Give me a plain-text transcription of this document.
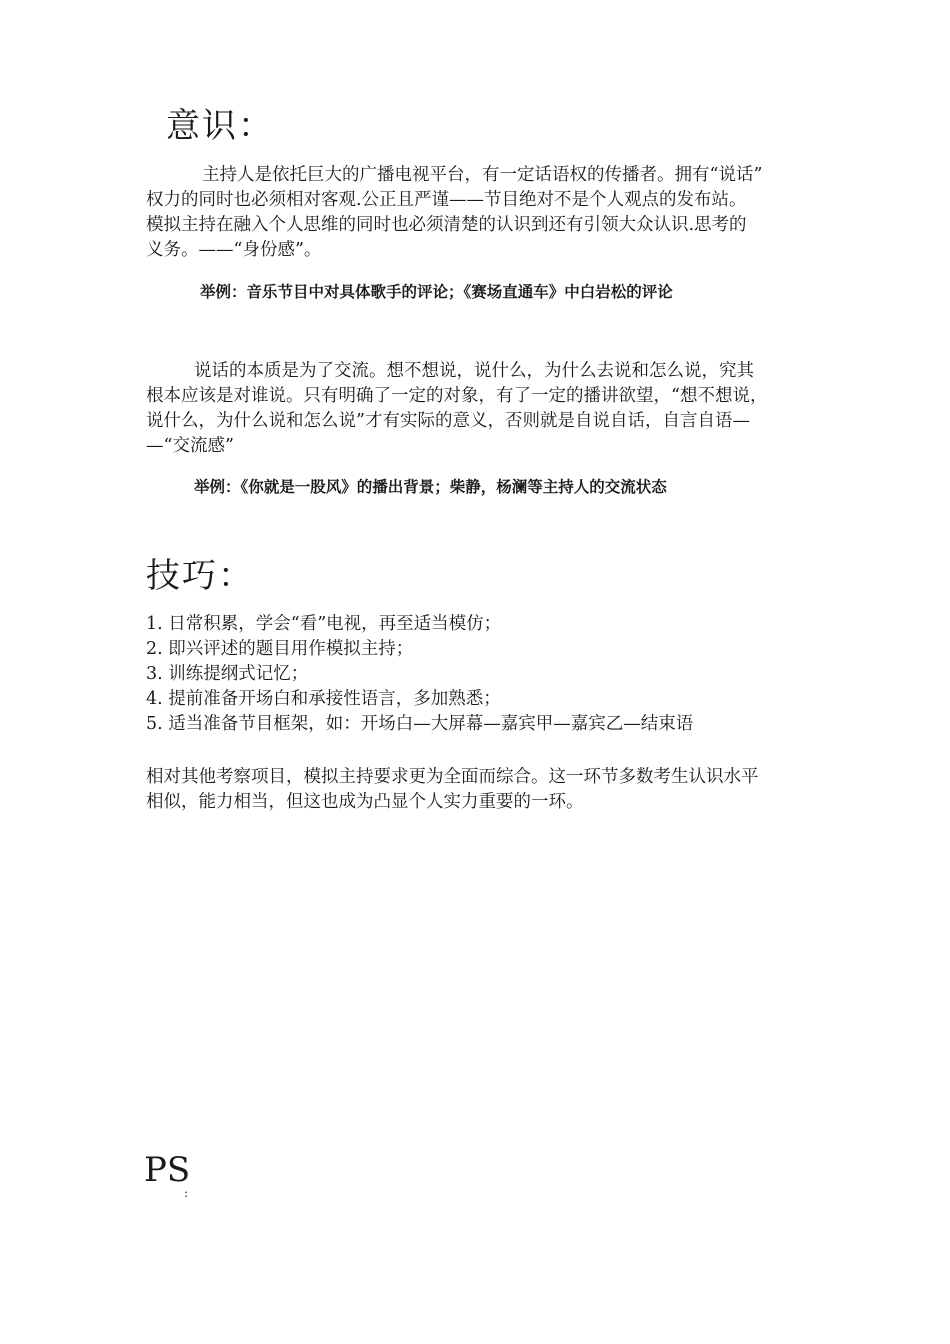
意识：
主持人是依托巨大的广播电视平台，有一定话语权的传播者。拥有“说话”
权力的同时也必须相对客观.公正且严谨——节目绝对不是个人观点的发布站。
模拟主持在融入个人思维的同时也必须清楚的认识到还有引领大众认识.思考的
义务。——“身份感”。
举例：音乐节目中对具体歌手的评论；《赛场直通车》中白岩松的评论
说话的本质是为了交流。想不想说，说什么，为什么去说和怎么说，究其
根本应该是对谁说。只有明确了一定的对象，有了一定的播讲欲望，“想不想说，
说什么，为什么说和怎么说”才有实际的意义，否则就是自说自话，自言自语—
—“交流感”
举例：《你就是一股风》的播出背景；柴静，杨澜等主持人的交流状态
技巧：
1. 日常积累，学会“看”电视，再至适当模仿；
2. 即兴评述的题目用作模拟主持；
3. 训练提纲式记忆；
4. 提前准备开场白和承接性语言，多加熟悉；
5. 适当准备节目框架，如：开场白—大屏幕—嘉宾甲—嘉宾乙—结束语
相对其他考察项目，模拟主持要求更为全面而综合。这一环节多数考生认识水平
相似，能力相当，但这也成为凸显个人实力重要的一环。
PS
:
